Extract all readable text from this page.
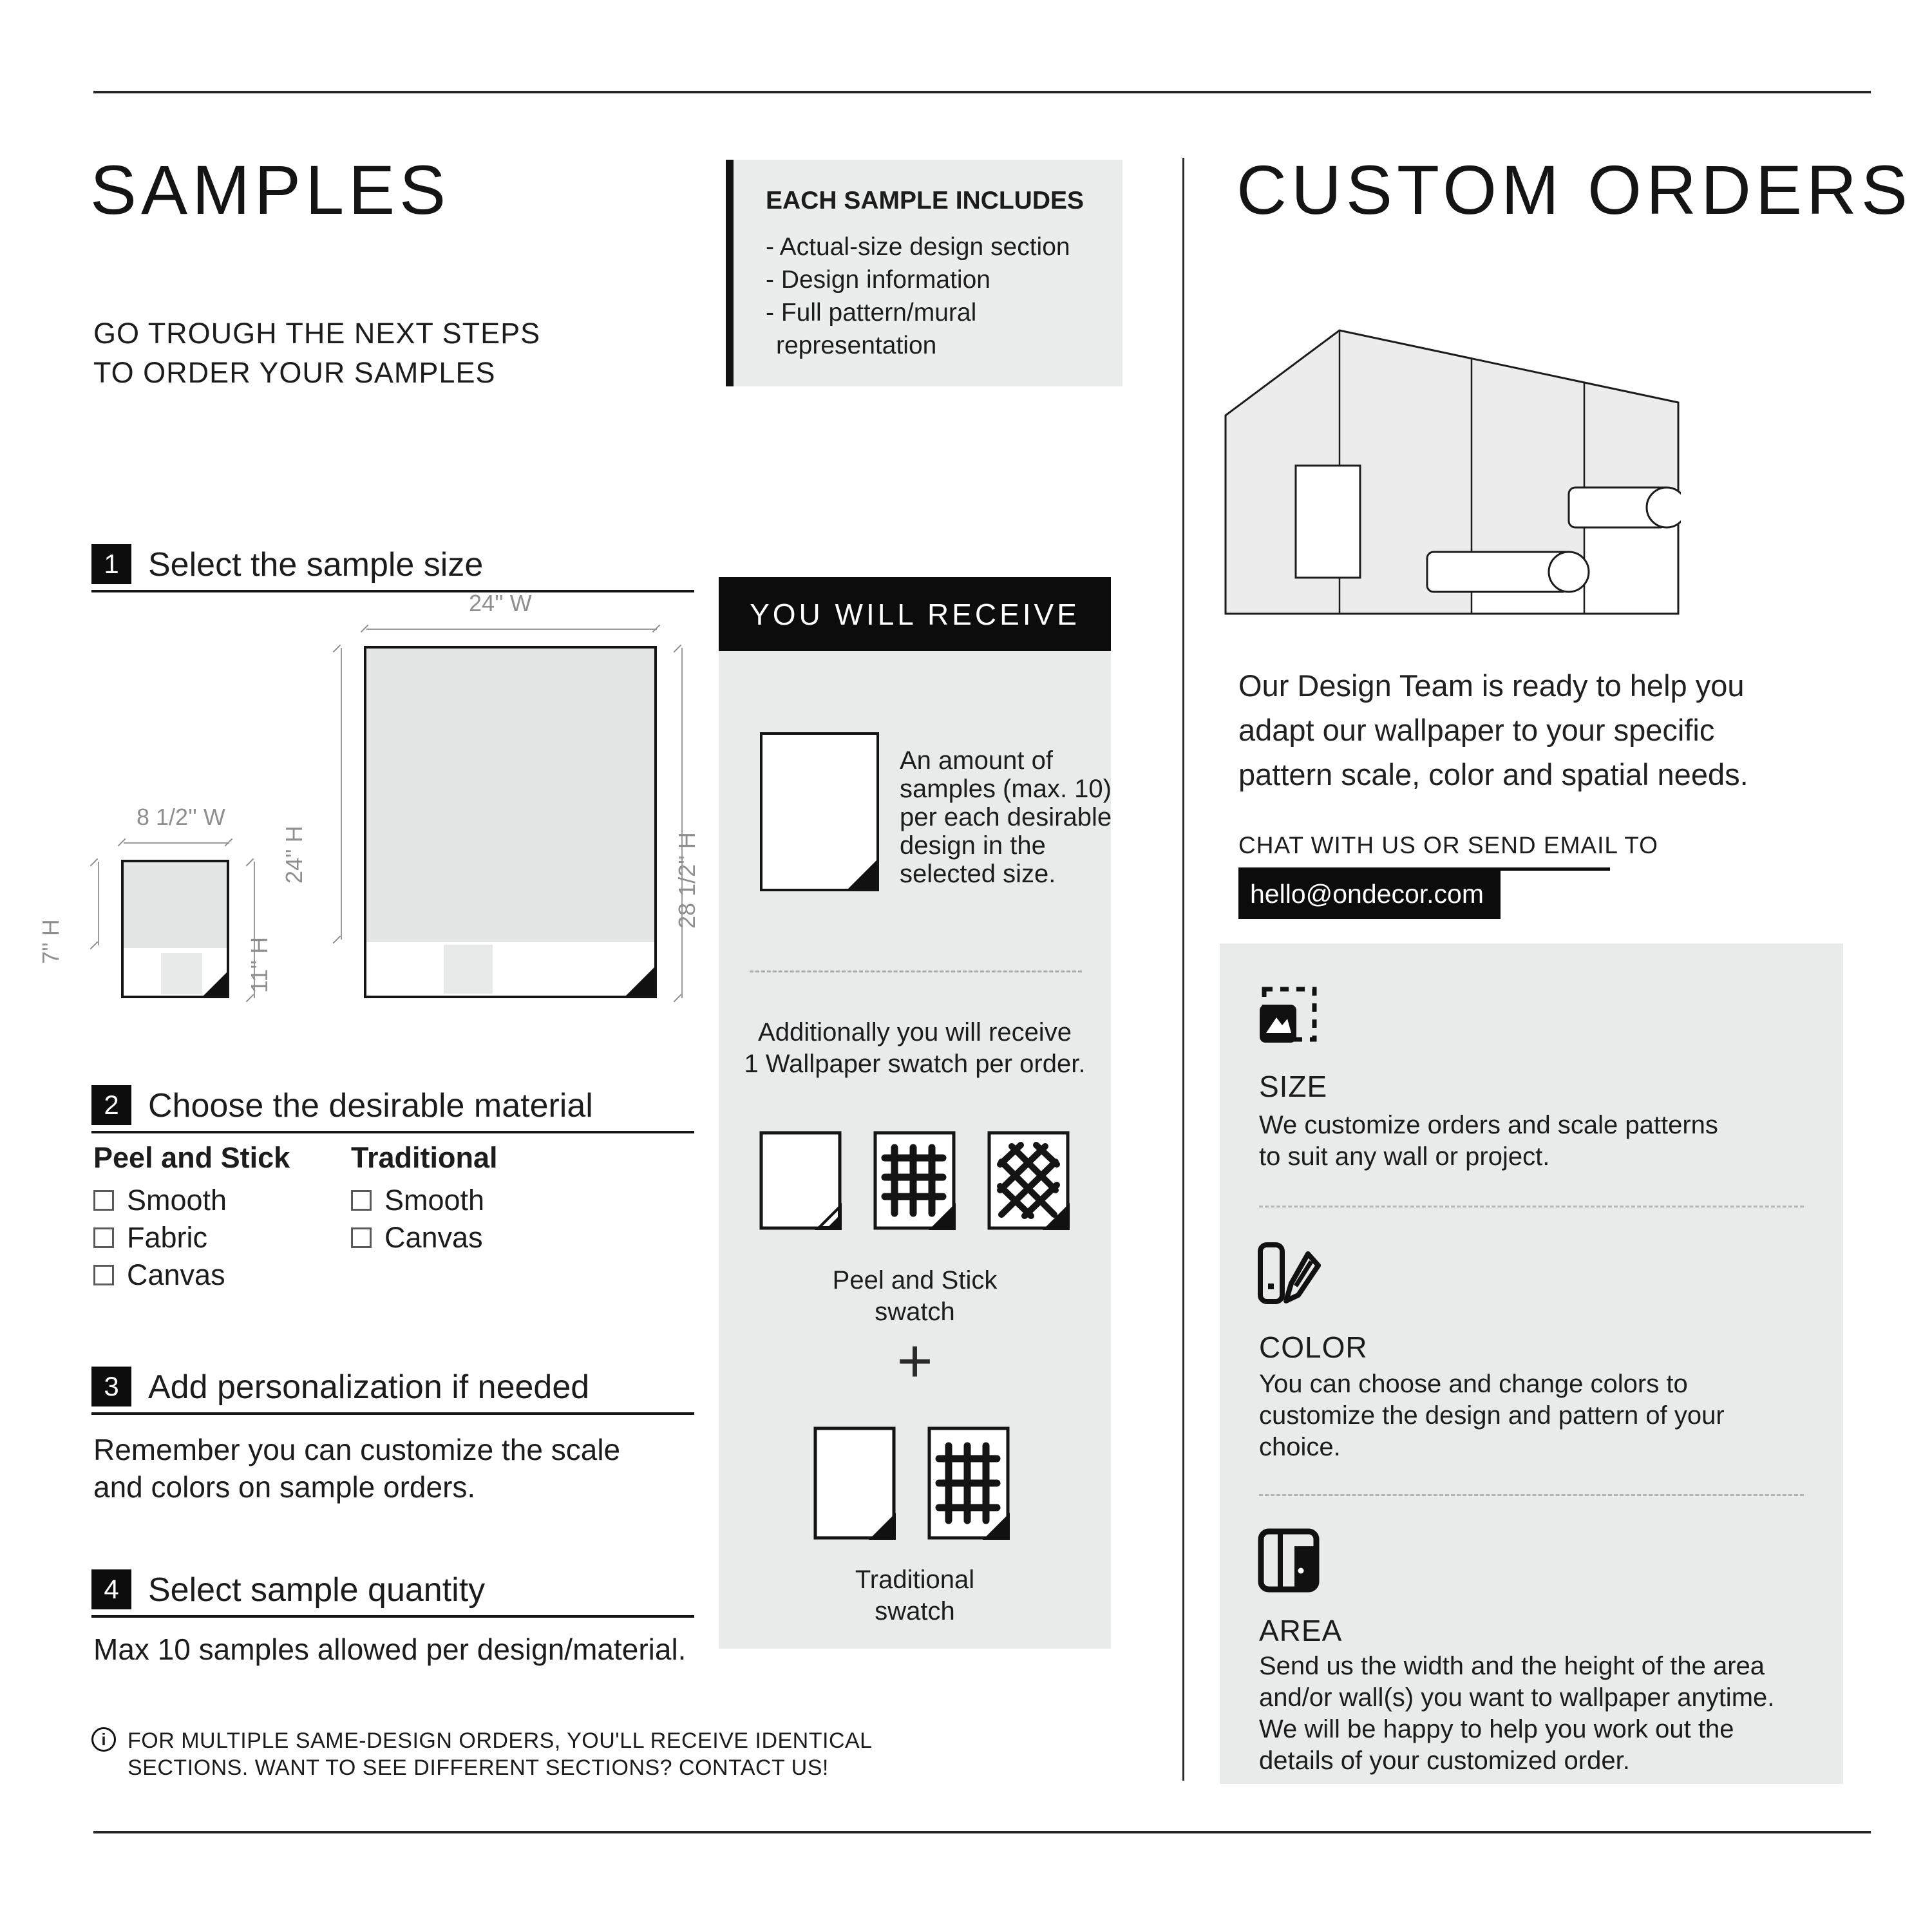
SAMPLES
GO TROUGH THE NEXT STEPS
TO ORDER YOUR SAMPLES
EACH SAMPLE INCLUDES
- Actual-size design section
- Design information
- Full pattern/mural
representation
1 Select the sample size
8 1/2'' W
7'' H	11'' H
24'' W
24'' H	28 1/2'' H
2 Choose the desirable material
Peel and Stick Traditional
Smooth
Fabric
Canvas
Smooth
Canvas
3 Add personalization if needed
Remember you can customize the scale
and colors on sample orders.
4 Select sample quantity
Max 10 samples allowed per design/material.
i FOR MULTIPLE SAME-DESIGN ORDERS, YOU'LL RECEIVE IDENTICAL
SECTIONS. WANT TO SEE DIFFERENT SECTIONS? CONTACT US!
YOU WILL RECEIVE
An amount of
samples (max. 10)
per each desirable
design in the
selected size.
Additionally you will receive
1 Wallpaper swatch per order.
Peel and Stick
swatch
+
Traditional
swatch
CUSTOM ORDERS
Our Design Team is ready to help you
adapt our wallpaper to your specific
pattern scale, color and spatial needs.
CHAT WITH US OR SEND EMAIL TO
hello@ondecor.com
SIZE
We customize orders and scale patterns
to suit any wall or project.
COLOR
You can choose and change colors to
customize the design and pattern of your
choice.
AREA
Send us the width and the height of the area
and/or wall(s) you want to wallpaper anytime.
We will be happy to help you work out the
details of your customized order.
